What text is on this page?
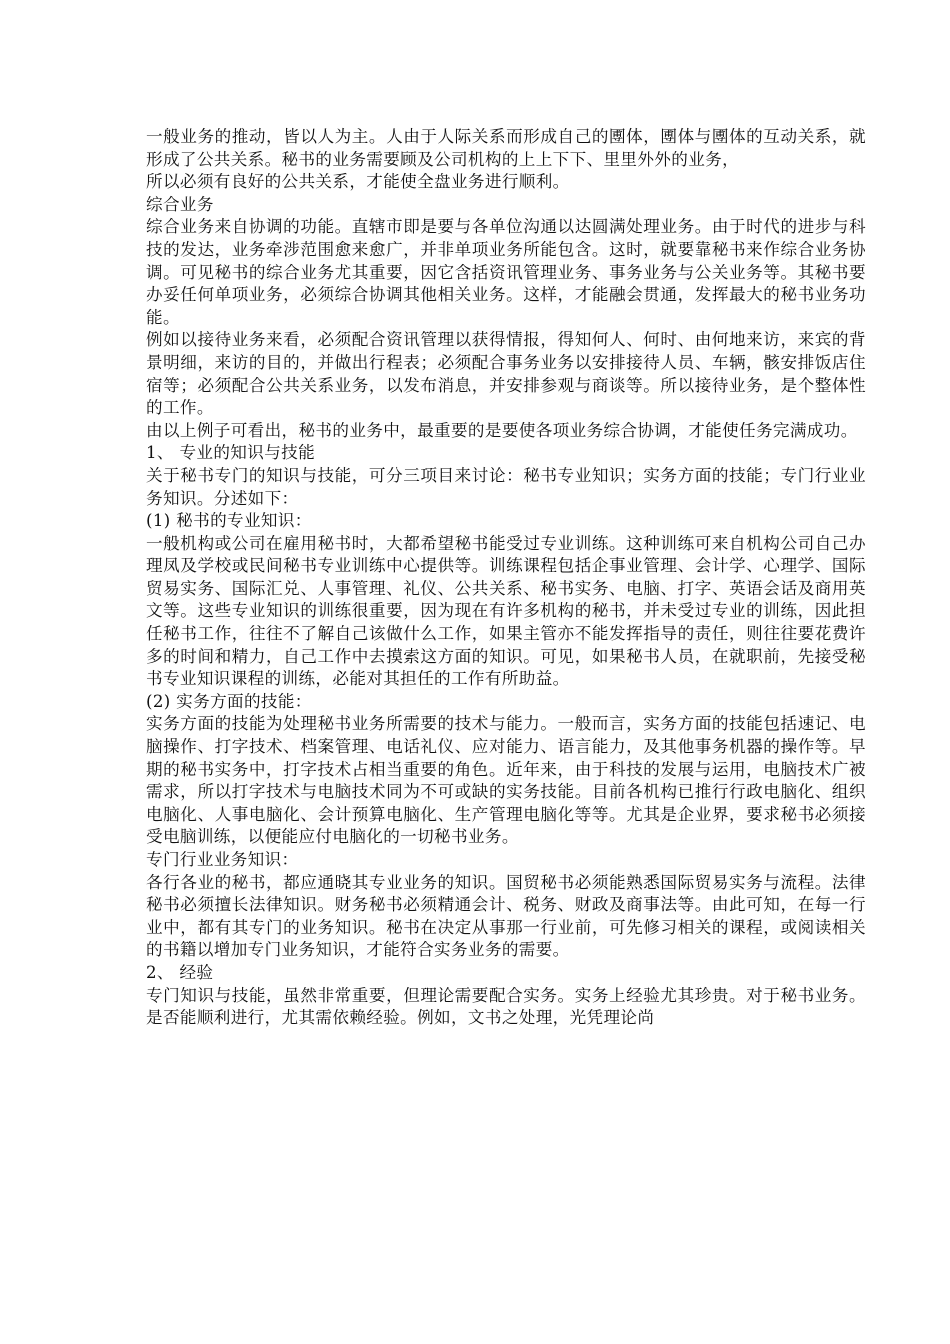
一般业务的推动，皆以人为主。人由于人际关系而形成自己的圑体，圑体与圑体的互动关系，就形成了公共关系。秘书的业务需要顾及公司机构的上上下下、里里外外的业务，

所以必须有良好的公共关系，才能使全盘业务进行顺利。

综合业务

综合业务来自协调的功能。直辖市即是要与各单位沟通以达圆满处理业务。由于时代的进步与科技的发达，业务牵涉范围愈来愈广，并非单项业务所能包含。这时，就要靠秘书来作综合业务协调。可见秘书的综合业务尤其重要，因它含括资讯管理业务、事务业务与公关业务等。其秘书要办妥任何单项业务，必须综合协调其他相关业务。这样，才能融会贯通，发挥最大的秘书业务功能。

例如以接待业务来看，必须配合资讯管理以获得情报，得知何人、何时、由何地来访，来宾的背景明细，来访的目的，并做出行程表；必须配合事务业务以安排接待人员、车辆，骸安排饭店住宿等；必须配合公共关系业务，以发布消息，并安排参观与商谈等。所以接待业务，是个整体性的工作。

由以上例子可看出，秘书的业务中，最重要的是要使各项业务综合协调，才能使任务完满成功。

1、 专业的知识与技能

关于秘书专门的知识与技能，可分三项目来讨论：秘书专业知识；实务方面的技能；专门行业业务知识。分述如下：

(1) 秘书的专业知识：

一般机构或公司在雇用秘书时，大都希望秘书能受过专业训练。这种训练可来自机构公司自己办理凤及学校或民间秘书专业训练中心提供等。训练课程包括企事业管理、会计学、心理学、国际贸易实务、国际汇兑、人事管理、礼仪、公共关系、秘书实务、电脑、打字、英语会话及商用英文等。这些专业知识的训练很重要，因为现在有许多机构的秘书，并未受过专业的训练，因此担任秘书工作，往往不了解自己该做什么工作，如果主管亦不能发挥指导的责任，则往往要花费许多的时间和精力，自己工作中去摸索这方面的知识。可见，如果秘书人员，在就职前，先接受秘书专业知识课程的训练，必能对其担任的工作有所助益。

(2) 实务方面的技能：

实务方面的技能为处理秘书业务所需要的技术与能力。一般而言，实务方面的技能包括速记、电脑操作、打字技术、档案管理、电话礼仪、应对能力、语言能力，及其他事务机器的操作等。早期的秘书实务中，打字技术占相当重要的角色。近年来，由于科技的发展与运用，电脑技术广被需求，所以打字技术与电脑技术同为不可或缺的实务技能。目前各机构已推行行政电脑化、组织电脑化、人事电脑化、会计预算电脑化、生产管理电脑化等等。尤其是企业界，要求秘书必须接受电脑训练，以便能应付电脑化的一切秘书业务。

专门行业业务知识：

各行各业的秘书，都应通晓其专业业务的知识。国贸秘书必须能熟悉国际贸易实务与流程。法律秘书必须擅长法律知识。财务秘书必须精通会计、税务、财政及商事法等。由此可知，在每一行业中，都有其专门的业务知识。秘书在决定从事那一行业前，可先修习相关的课程，或阅读相关的书籍以增加专门业务知识，才能符合实务业务的需要。

2、 经验

专门知识与技能，虽然非常重要，但理论需要配合实务。实务上经验尤其珍贵。对于秘书业务。是否能顺利进行，尤其需依赖经验。例如，文书之处理，光凭理论尚
